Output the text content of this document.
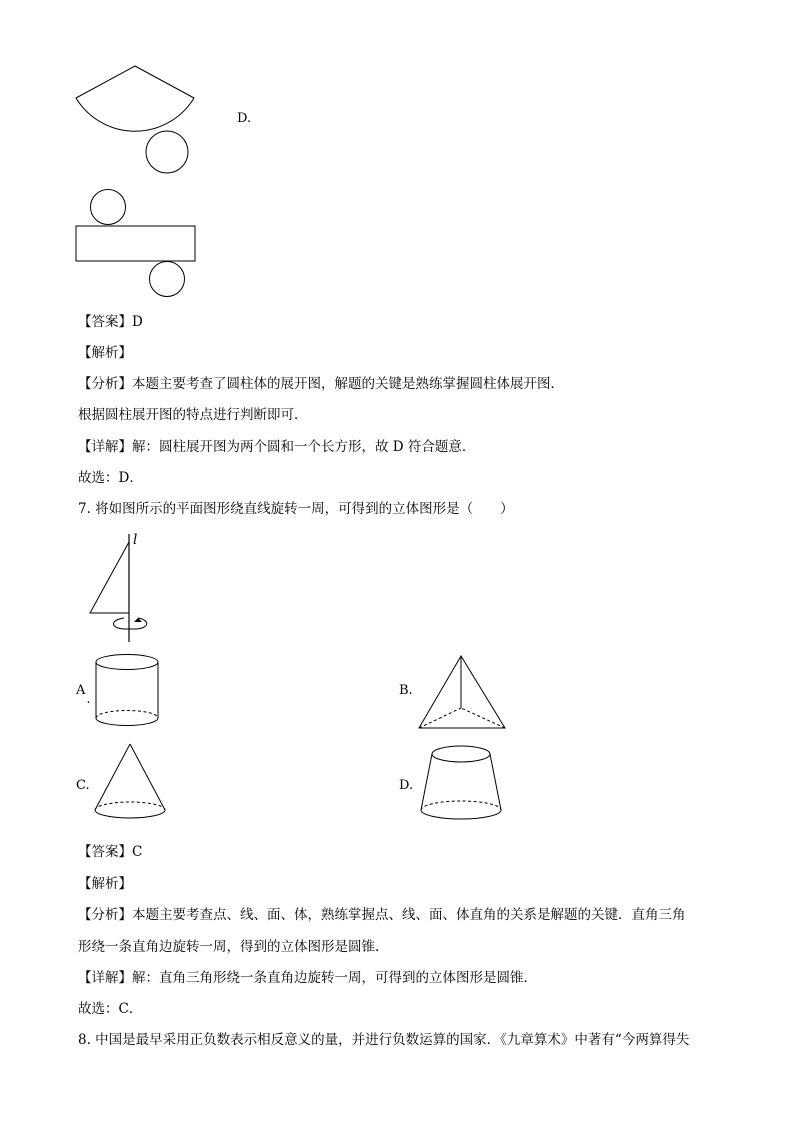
D.
【答案】D
【解析】
【分析】本题主要考查了圆柱体的展开图，解题的关键是熟练掌握圆柱体展开图．
根据圆柱展开图的特点进行判断即可．
【详解】解：圆柱展开图为两个圆和一个长方形，故 D 符合题意．
故选：D．
7. 将如图所示的平面图形绕直线旋转一周，可得到的立体图形是（　　）
l
A.
B.
C.	D.
【答案】C
【解析】
【分析】本题主要考查点、线、面、体，熟练掌握点、线、面、体直角的关系是解题的关键．直角三角
形绕一条直角边旋转一周，得到的立体图形是圆锥．
【详解】解：直角三角形绕一条直角边旋转一周，可得到的立体图形是圆锥．
故选：C．
8. 中国是最早采用正负数表示相反意义的量，并进行负数运算的国家．《九章算术》中著有“今两算得失
